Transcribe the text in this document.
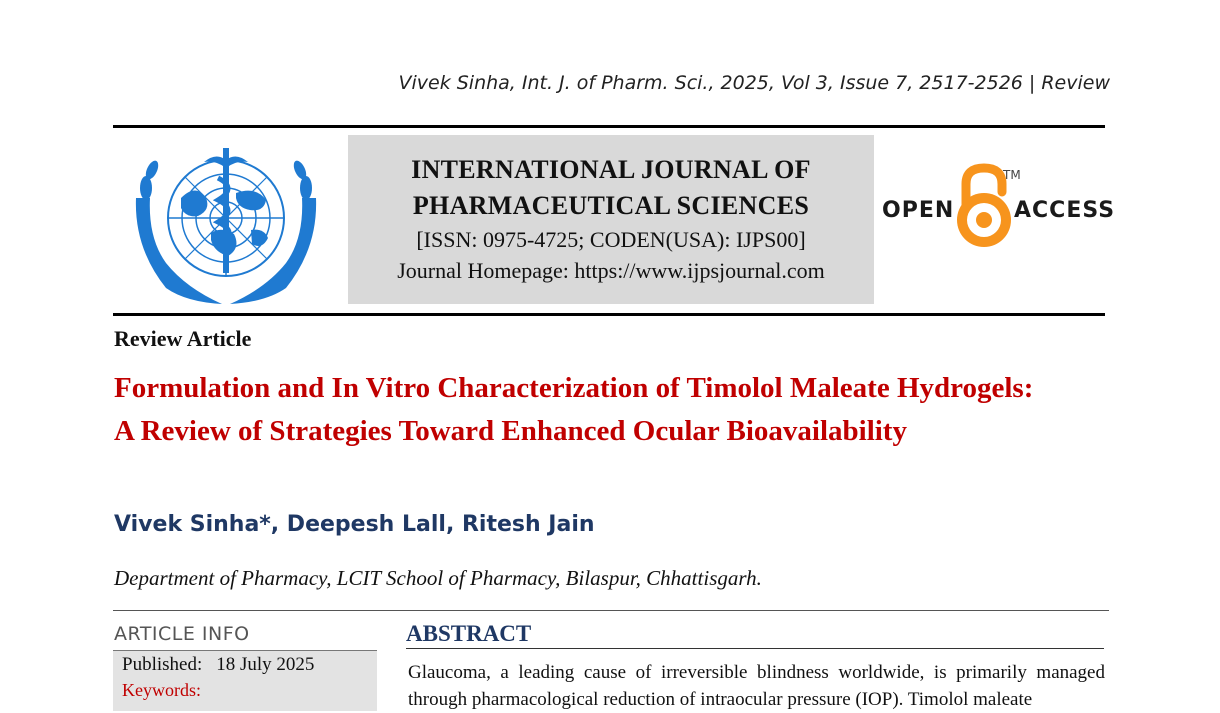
Vivek Sinha, Int. J. of Pharm. Sci., 2025, Vol 3, Issue 7, 2517-2526 | Review
INTERNATIONAL JOURNAL OF
PHARMACEUTICAL SCIENCES
[ISSN: 0975-4725; CODEN(USA): IJPS00]
Journal Homepage: https://www.ijpsjournal.com
OPEN	ACCESS
TM
Review Article
Formulation and In Vitro Characterization of Timolol Maleate Hydrogels: A Review of Strategies Toward Enhanced Ocular Bioavailability
Vivek Sinha*, Deepesh Lall, Ritesh Jain
Department of Pharmacy, LCIT School of Pharmacy, Bilaspur, Chhattisgarh.
ARTICLE INFO
Published: 18 July 2025
Keywords:
ABSTRACT
Glaucoma, a leading cause of irreversible blindness worldwide, is primarily managed through pharmacological reduction of intraocular pressure (IOP). Timolol maleate
